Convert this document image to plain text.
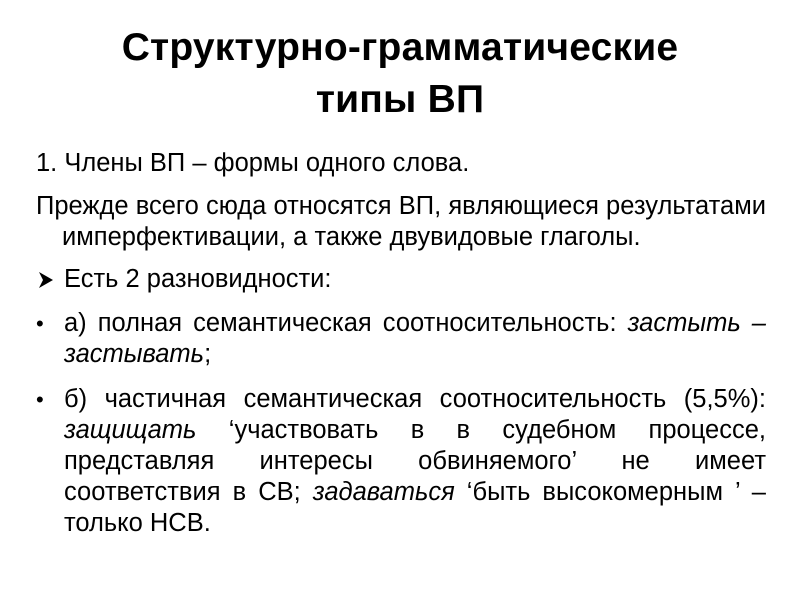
Структурно-грамматические
типы ВП

1. Члены ВП – формы одного слова.

Прежде всего сюда относятся ВП, являющиеся результатами имперфективации, а также двувидовые глаголы.

Есть 2 разновидности:
• а) полная семантическая соотносительность: застыть – застывать;
• б) частичная семантическая соотносительность (5,5%): защищать ‘участвовать в в судебном процессе, представляя интересы обвиняемого’ не имеет соответствия в СВ; задаваться ‘быть высокомерным ’ – только НСВ.
